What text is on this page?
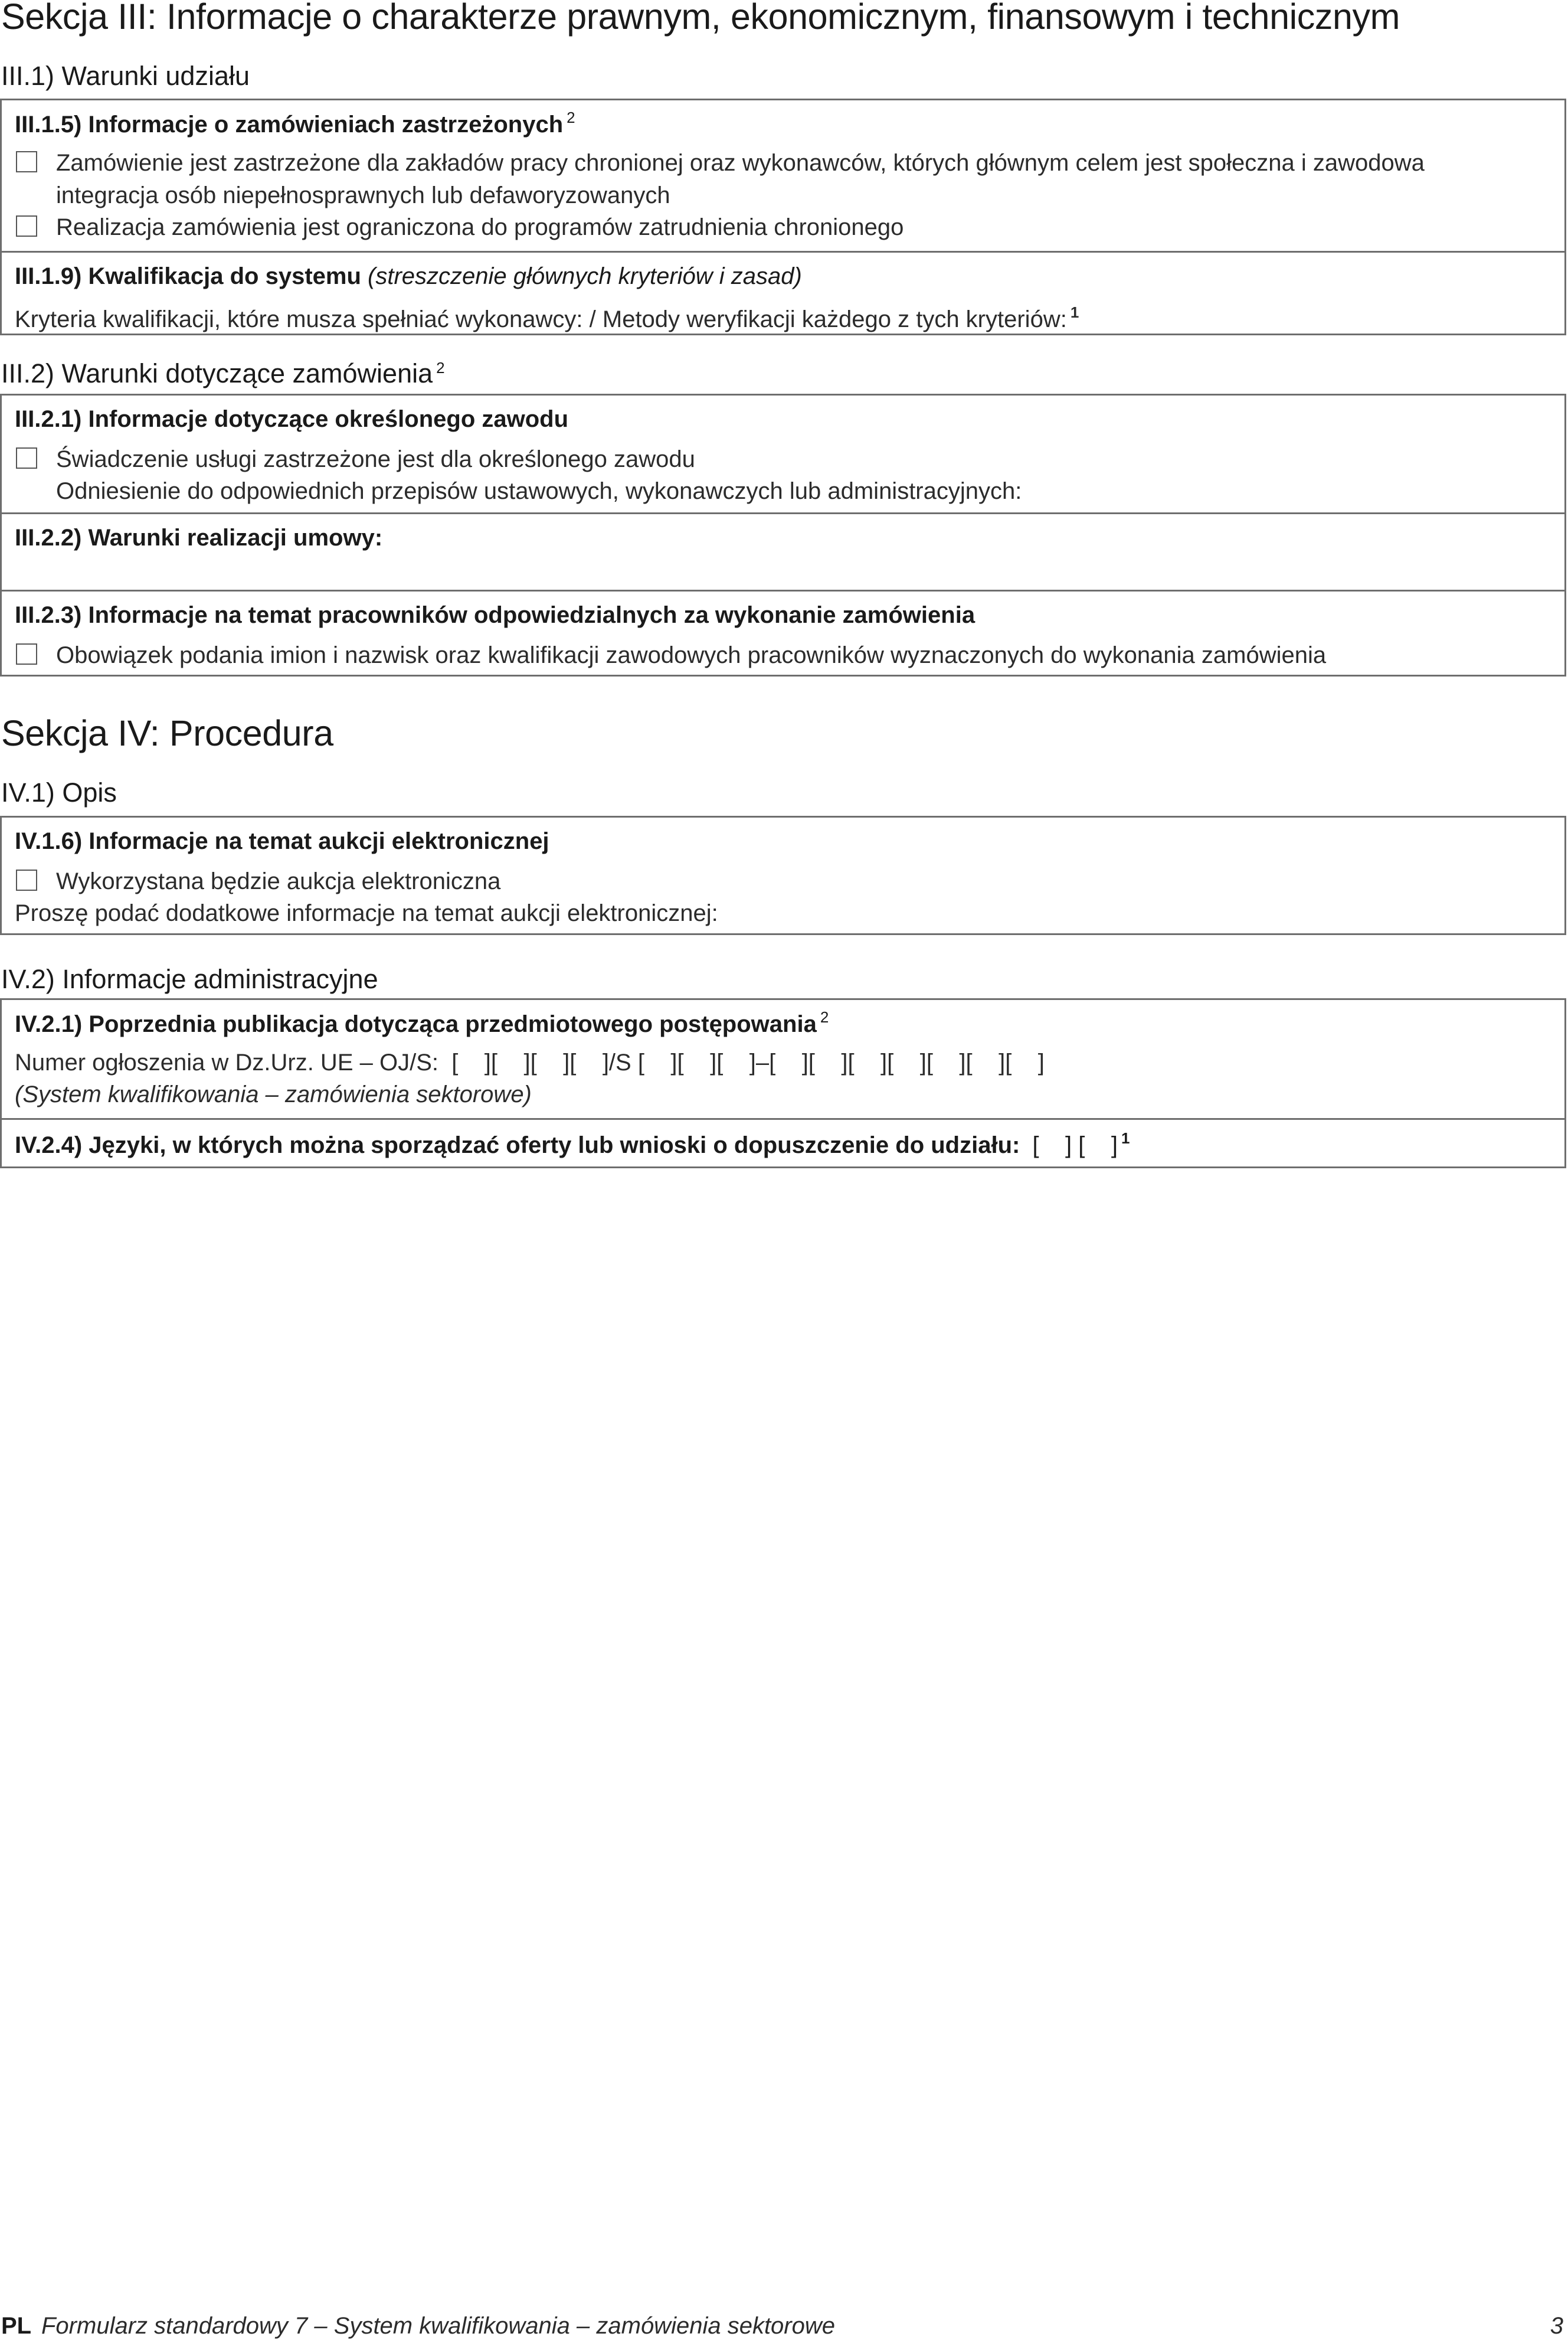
Sekcja III: Informacje o charakterze prawnym, ekonomicznym, finansowym i technicznym
III.1) Warunki udziału
III.1.5) Informacje o zamówieniach zastrzeżonych $^2$
Zamówienie jest zastrzeżone dla zakładów pracy chronionej oraz wykonawców, których głównym celem jest społeczna i zawodowa
integracja osób niepełnosprawnych lub defaworyzowanych
Realizacja zamówienia jest ograniczona do programów zatrudnienia chronionego
III.1.9) Kwalifikacja do systemu (streszczenie głównych kryteriów i zasad)
Kryteria kwalifikacji, które musza spełniać wykonawcy: / Metody weryfikacji każdego z tych kryteriów: $^1$
III.2) Warunki dotyczące zamówienia $^2$
III.2.1) Informacje dotyczące określonego zawodu
Świadczenie usługi zastrzeżone jest dla określonego zawodu
Odniesienie do odpowiednich przepisów ustawowych, wykonawczych lub administracyjnych:
III.2.2) Warunki realizacji umowy:
III.2.3) Informacje na temat pracowników odpowiedzialnych za wykonanie zamówienia
Obowiązek podania imion i nazwisk oraz kwalifikacji zawodowych pracowników wyznaczonych do wykonania zamówienia
Sekcja IV: Procedura
IV.1) Opis
IV.1.6) Informacje na temat aukcji elektronicznej
Wykorzystana będzie aukcja elektroniczna
Proszę podać dodatkowe informacje na temat aukcji elektronicznej:
IV.2) Informacje administracyjne
IV.2.1) Poprzednia publikacja dotycząca przedmiotowego postępowania $^2$
Numer ogłoszenia w Dz.Urz. UE – OJ/S:  [    ][    ][    ][    ]/S [    ][    ][    ]–[    ][    ][    ][    ][    ][    ][    ]
(System kwalifikowania – zamówienia sektorowe)
IV.2.4) Języki, w których można sporządzać oferty lub wnioski o dopuszczenie do udziału: [    ] [    ] $^1$
PL Formularz standardowy 7 – System kwalifikowania – zamówienia sektorowe	3
